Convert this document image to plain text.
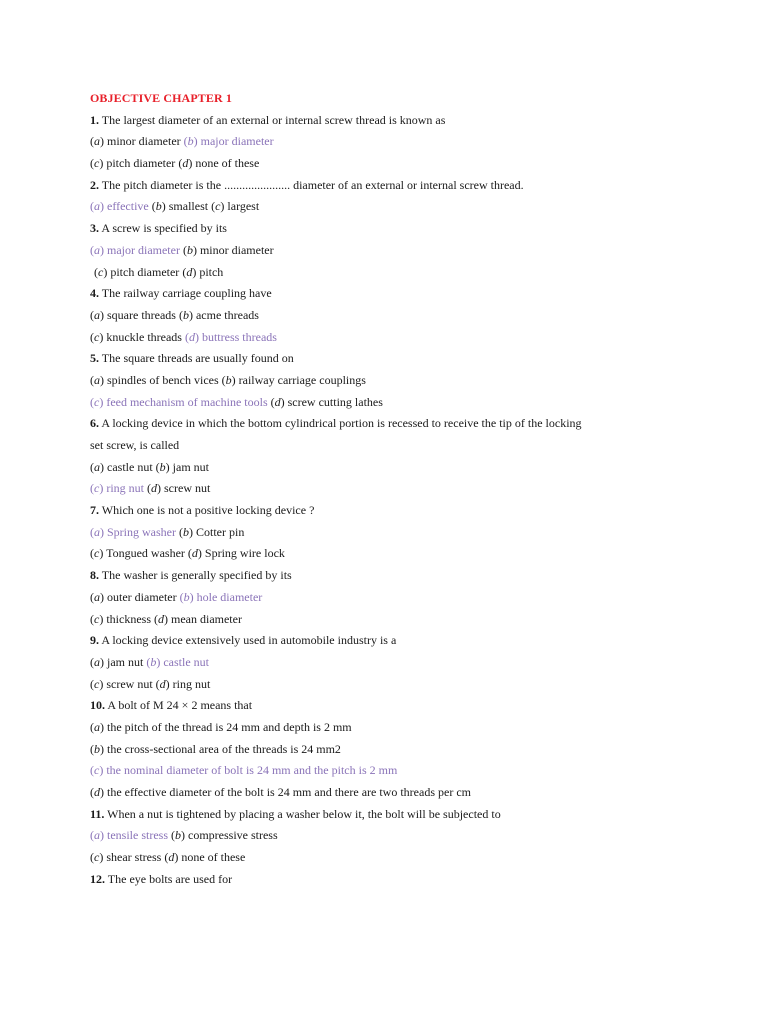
OBJECTIVE CHAPTER 1
1. The largest diameter of an external or internal screw thread is known as
(a) minor diameter (b) major diameter
(c) pitch diameter (d) none of these
2. The pitch diameter is the ...................... diameter of an external or internal screw thread.
(a) effective (b) smallest (c) largest
3. A screw is specified by its
(a) major diameter (b) minor diameter
(c) pitch diameter (d) pitch
4. The railway carriage coupling have
(a) square threads (b) acme threads
(c) knuckle threads (d) buttress threads
5. The square threads are usually found on
(a) spindles of bench vices (b) railway carriage couplings
(c) feed mechanism of machine tools (d) screw cutting lathes
6. A locking device in which the bottom cylindrical portion is recessed to receive the tip of the locking
set screw, is called
(a) castle nut (b) jam nut
(c) ring nut (d) screw nut
7. Which one is not a positive locking device ?
(a) Spring washer (b) Cotter pin
(c) Tongued washer (d) Spring wire lock
8. The washer is generally specified by its
(a) outer diameter (b) hole diameter
(c) thickness (d) mean diameter
9. A locking device extensively used in automobile industry is a
(a) jam nut (b) castle nut
(c) screw nut (d) ring nut
10. A bolt of M 24 × 2 means that
(a) the pitch of the thread is 24 mm and depth is 2 mm
(b) the cross-sectional area of the threads is 24 mm2
(c) the nominal diameter of bolt is 24 mm and the pitch is 2 mm
(d) the effective diameter of the bolt is 24 mm and there are two threads per cm
11. When a nut is tightened by placing a washer below it, the bolt will be subjected to
(a) tensile stress (b) compressive stress
(c) shear stress (d) none of these
12. The eye bolts are used for
